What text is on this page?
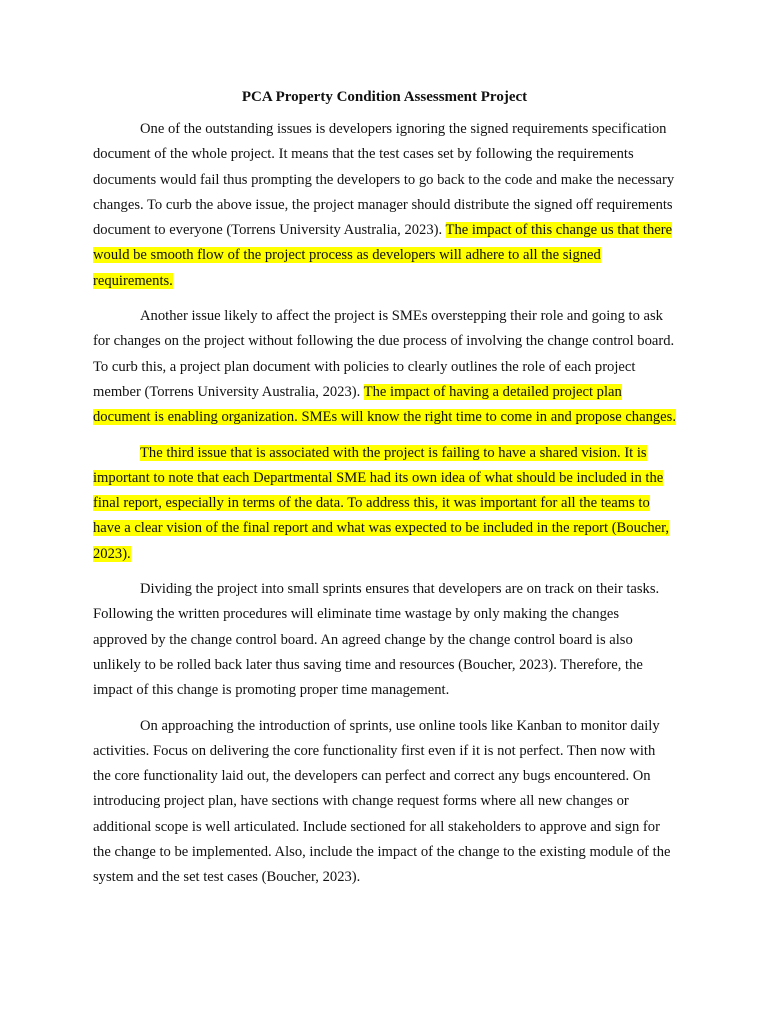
PCA Property Condition Assessment Project

One of the outstanding issues is developers ignoring the signed requirements specification document of the whole project. It means that the test cases set by following the requirements documents would fail thus prompting the developers to go back to the code and make the necessary changes. To curb the above issue, the project manager should distribute the signed off requirements document to everyone (Torrens University Australia, 2023). The impact of this change us that there would be smooth flow of the project process as developers will adhere to all the signed requirements.

Another issue likely to affect the project is SMEs overstepping their role and going to ask for changes on the project without following the due process of involving the change control board. To curb this, a project plan document with policies to clearly outlines the role of each project member (Torrens University Australia, 2023). The impact of having a detailed project plan document is enabling organization. SMEs will know the right time to come in and propose changes.

The third issue that is associated with the project is failing to have a shared vision. It is important to note that each Departmental SME had its own idea of what should be included in the final report, especially in terms of the data. To address this, it was important for all the teams to have a clear vision of the final report and what was expected to be included in the report (Boucher, 2023).

Dividing the project into small sprints ensures that developers are on track on their tasks. Following the written procedures will eliminate time wastage by only making the changes approved by the change control board. An agreed change by the change control board is also unlikely to be rolled back later thus saving time and resources (Boucher, 2023). Therefore, the impact of this change is promoting proper time management.

On approaching the introduction of sprints, use online tools like Kanban to monitor daily activities. Focus on delivering the core functionality first even if it is not perfect. Then now with the core functionality laid out, the developers can perfect and correct any bugs encountered. On introducing project plan, have sections with change request forms where all new changes or additional scope is well articulated. Include sectioned for all stakeholders to approve and sign for the change to be implemented. Also, include the impact of the change to the existing module of the system and the set test cases (Boucher, 2023).
